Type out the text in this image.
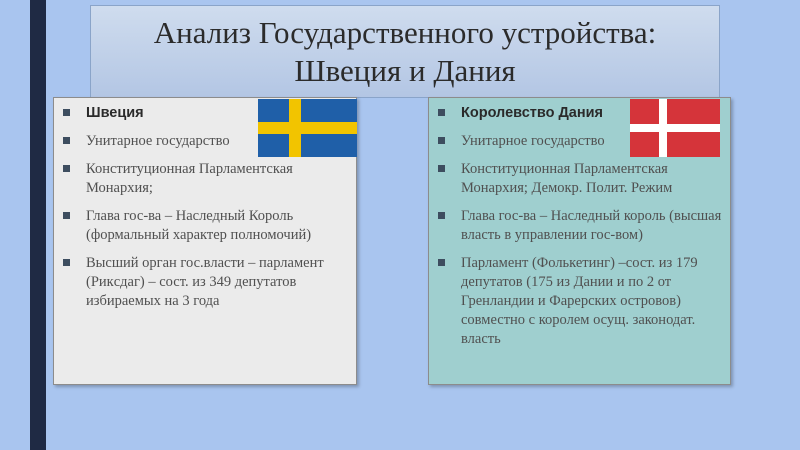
Анализ Государственного устройства:
Швеция и Дания
Швеция
Унитарное государство
Конституционная Парламентская Монархия;
Глава гос-ва – Наследный Король (формальный характер полномочий)
Высший орган гос.власти – парламент (Рикcдаг) – сост. из 349 депутатов избираемых на 3 года
Королевство Дания
Унитарное государство
Конституционная Парламентская Монархия; Демокр. Полит. Режим
Глава гос-ва – Наследный король (высшая власть в управлении гос-вом)
Парламент (Фолькетинг) –сост. из 179 депутатов (175 из Дании и по 2 от Гренландии и Фарерских островов) совместно с королем осущ. законодат. власть
